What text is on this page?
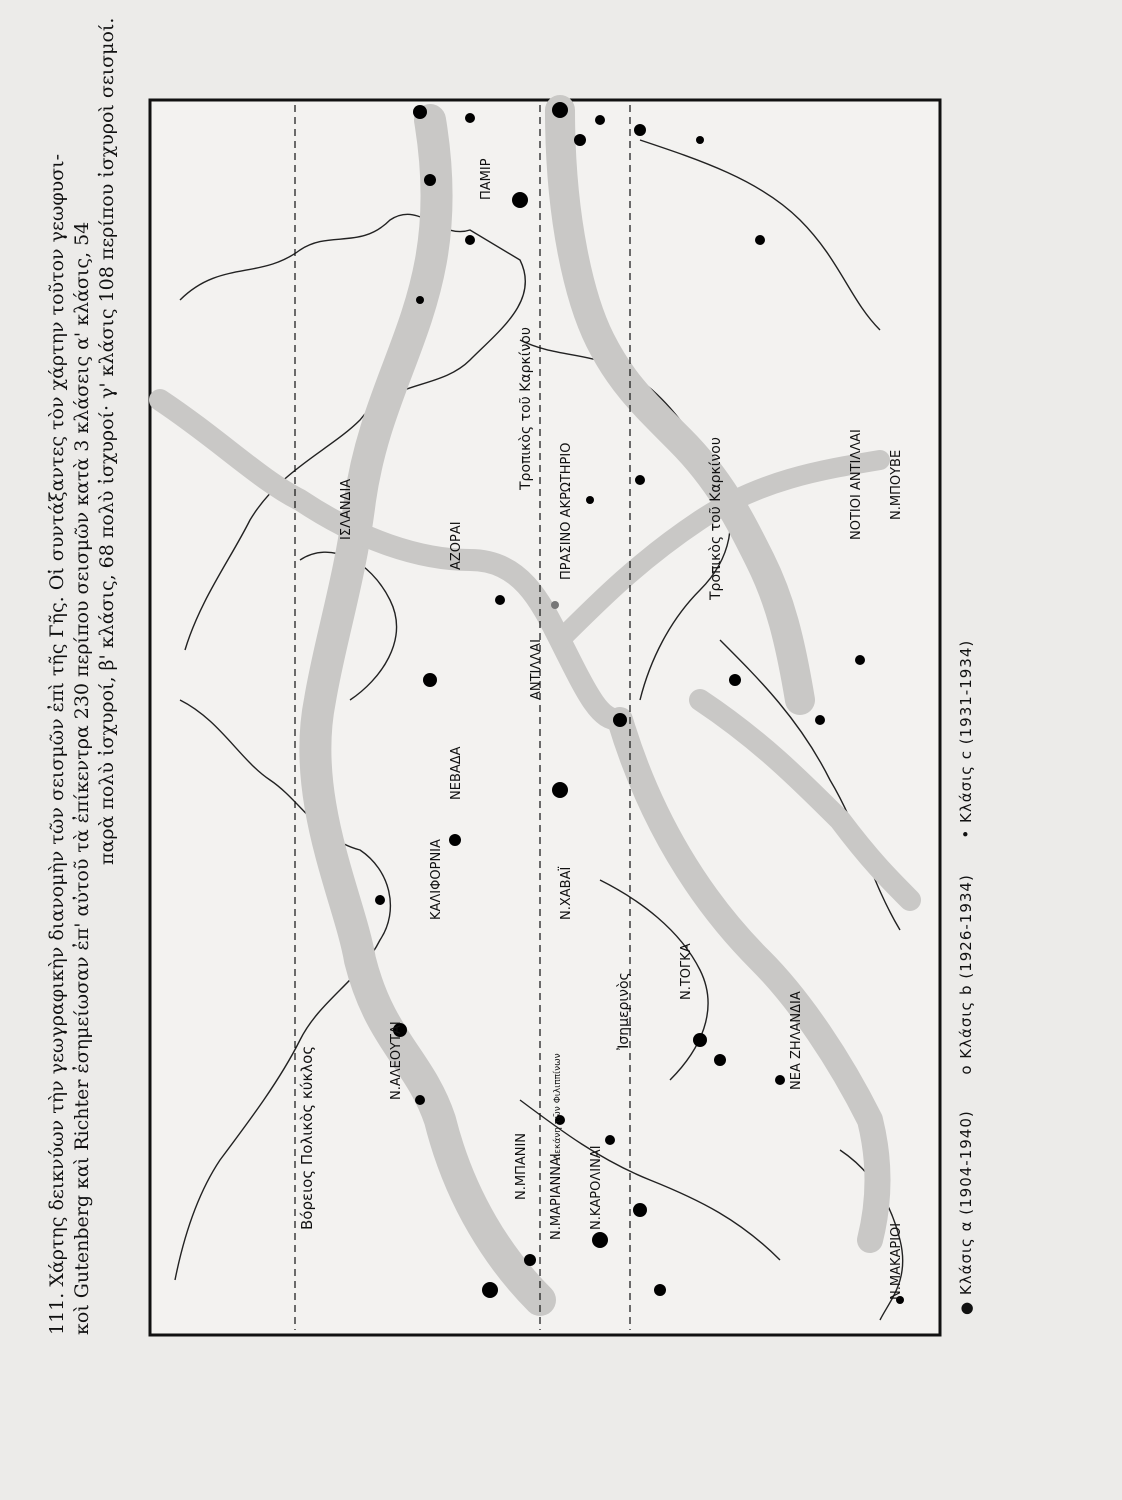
111. Χάρτης δεικνύων τὴν γεωγραφικὴν διανομὴν τῶν σεισμῶν ἐπὶ τῆς Γῆς. Οἱ συντάξαντες τὸν χάρτην τοῦτον γεωφυσι- κοὶ Gutenberg καὶ Richter ἐσημείωσαν ἐπ' αὐτοῦ τὰ ἐπίκεντρα 230 περίπου σεισμῶν κατὰ 3 κλάσεις α' κλάσις, 54 παρὰ πολὺ ἰσχυροί, β' κλάσις, 68 πολὺ ἰσχυροί· γ' κλάσις 108 περίπου ἰσχυροὶ σεισμοί.
● Κλάσις α (1904-1940)  o Κλάσις b (1926-1934)  • Κλάσις c (1931-1934)
Βόρειος Πολικὸς κύκλος
Τροπικὸς τοῦ Καρκίνου
Τροπικὸς τοῦ Καρκίνου
Ἰσημερινὸς
ΙΣΛΑΝΔΙΑ
ΑΖΟΡΑΙ
ΠΑΜΙΡ
ΠΡΑΣΙΝΟ ΑΚΡΩΤΗΡΙΟ
ΑΝΤΙΛΛΑΙ
ΝΟΤΙΟΙ ΑΝΤΙΛΛΑΙ Ν.ΜΠΟΥΒΕ
ΝΕΒΑΔΑ
ΚΑΛΙΦΟΡΝΙΑ	Ν.ΧΑΒΑΪ
Ν.ΑΛΕΟΥΤΑΙ
Ν.ΤΟΓΚΑ
ΝΕΑ ΖΗΛΑΝΔΙΑ
Ν.ΜΠΑΝΙΝ Ν.ΜΑΡΙΑΝΝΑΙ Ν.ΚΑΡΟΛΙΝΑΙ
Λεκάνη τῶν Φιλιππίνων
Ν.ΜΑΚΑΡΙΟΙ
